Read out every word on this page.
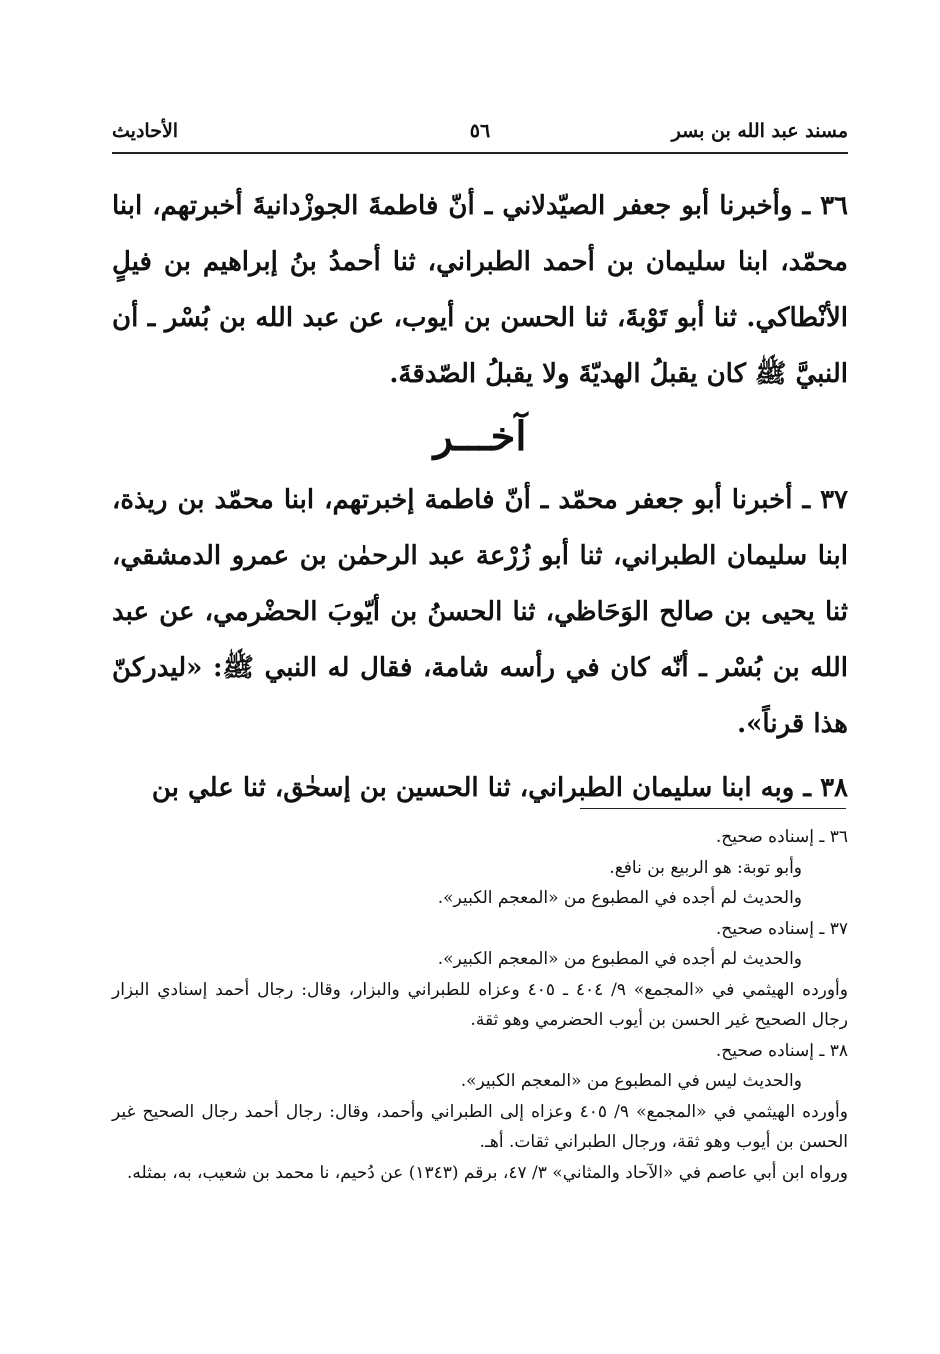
مسند عبد الله بن بسر
٥٦
الأحاديث

٣٦ ـ وأخبرنا أبو جعفر الصيّدلاني ـ أنّ فاطمةَ الجوزْدانيةَ أخبرتهم، ابنا محمّد، ابنا سليمان بن أحمد الطبراني، ثنا أحمدُ بنُ إبراهيم بن فيلٍ الأنْطاكي. ثنا أبو تَوْبةَ، ثنا الحسن بن أيوب، عن عبد الله بن بُسْر ـ أن النبيَّ ﷺ كان يقبلُ الهديّةَ ولا يقبلُ الصّدقةَ.

آخـــر

٣٧ ـ أخبرنا أبو جعفر محمّد ـ أنّ فاطمة إخبرتهم، ابنا محمّد بن ريذة، ابنا سليمان الطبراني، ثنا أبو زُرْعة عبد الرحمٰن بن عمرو الدمشقي، ثنا يحيى بن صالح الوَحَاظي، ثنا الحسنُ بن أيّوبَ الحضْرمي، عن عبد الله بن بُسْر ـ أنّه كان في رأسه شامة، فقال له النبي ﷺ: «ليدركنّ هذا قرناً».

٣٨ ـ وبه ابنا سليمان الطبراني، ثنا الحسين بن إسحٰق، ثنا علي بن

٣٦ ـ إسناده صحيح.

وأبو توبة: هو الربيع بن نافع.

والحديث لم أجده في المطبوع من «المعجم الكبير».

٣٧ ـ إسناده صحيح.

والحديث لم أجده في المطبوع من «المعجم الكبير».

وأورده الهيثمي في «المجمع» ٩/ ٤٠٤ ـ ٤٠٥ وعزاه للطبراني والبزار، وقال: رجال أحمد إسنادي البزار رجال الصحيح غير الحسن بن أيوب الحضرمي وهو ثقة.

٣٨ ـ إسناده صحيح.

والحديث ليس في المطبوع من «المعجم الكبير».

وأورده الهيثمي في «المجمع» ٩/ ٤٠٥ وعزاه إلى الطبراني وأحمد، وقال: رجال أحمد رجال الصحيح غير الحسن بن أيوب وهو ثقة، ورجال الطبراني ثقات. أهـ.

ورواه ابن أبي عاصم في «الآحاد والمثاني» ٣/ ٤٧، برقم (١٣٤٣) عن دُحيم، نا محمد بن شعيب، به، بمثله.
